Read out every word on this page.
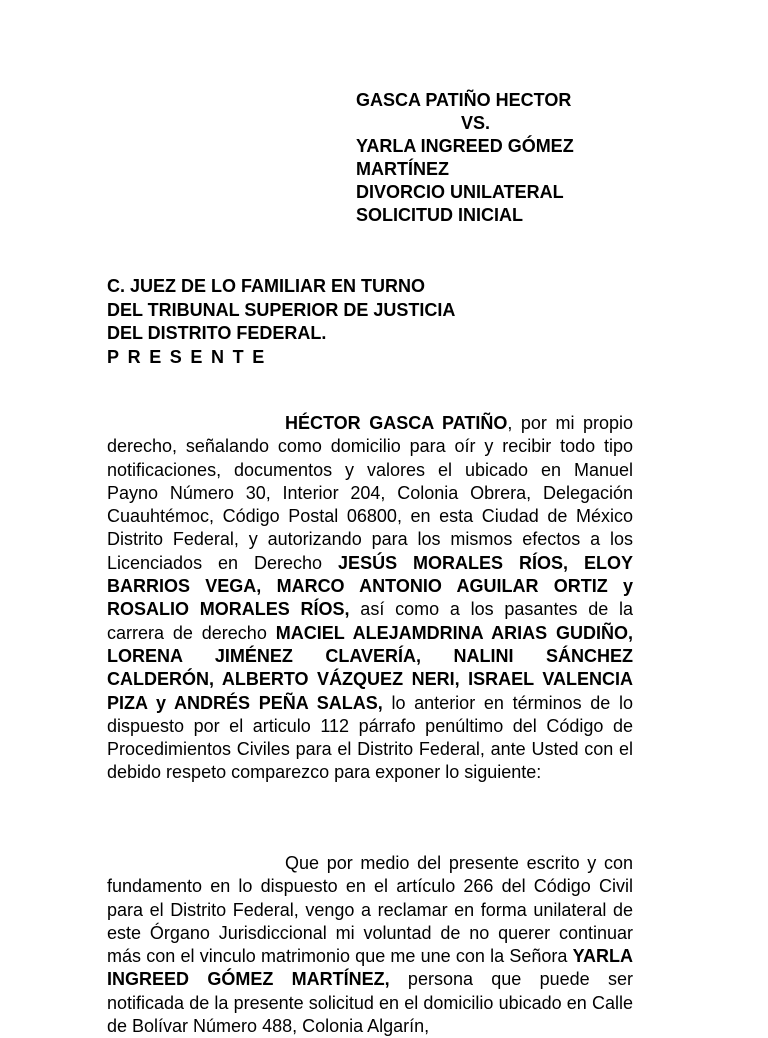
GASCA PATIÑO HECTOR
VS.
YARLA INGREED GÓMEZ
MARTÍNEZ
DIVORCIO UNILATERAL
SOLICITUD INICIAL
C. JUEZ DE LO FAMILIAR EN TURNO
DEL TRIBUNAL SUPERIOR DE JUSTICIA
DEL DISTRITO FEDERAL.
PRESENTE

HÉCTOR GASCA PATIÑO, por mi propio derecho, señalando como domicilio para oír y recibir todo tipo notificaciones, documentos y valores el ubicado en Manuel Payno Número 30, Interior 204, Colonia Obrera, Delegación Cuauhtémoc, Código Postal 06800, en esta Ciudad de México Distrito Federal, y autorizando para los mismos efectos a los Licenciados en Derecho JESÚS MORALES RÍOS, ELOY BARRIOS VEGA, MARCO ANTONIO AGUILAR ORTIZ y ROSALIO MORALES RÍOS, así como a los pasantes de la carrera de derecho MACIEL ALEJAMDRINA ARIAS GUDIÑO, LORENA JIMÉNEZ CLAVERÍA, NALINI SÁNCHEZ CALDERÓN, ALBERTO VÁZQUEZ NERI, ISRAEL VALENCIA PIZA y ANDRÉS PEÑA SALAS, lo anterior en términos de lo dispuesto por el articulo 112 párrafo penúltimo del Código de Procedimientos Civiles para el Distrito Federal, ante Usted con el debido respeto comparezco para exponer lo siguiente:

Que por medio del presente escrito y con fundamento en lo dispuesto en el artículo 266 del Código Civil para el Distrito Federal, vengo a reclamar en forma unilateral de este Órgano Jurisdiccional mi voluntad de no querer continuar más con el vinculo matrimonio que me une con la Señora YARLA INGREED GÓMEZ MARTÍNEZ, persona que puede ser notificada de la presente solicitud en el domicilio ubicado en Calle de Bolívar Número 488, Colonia Algarín,
